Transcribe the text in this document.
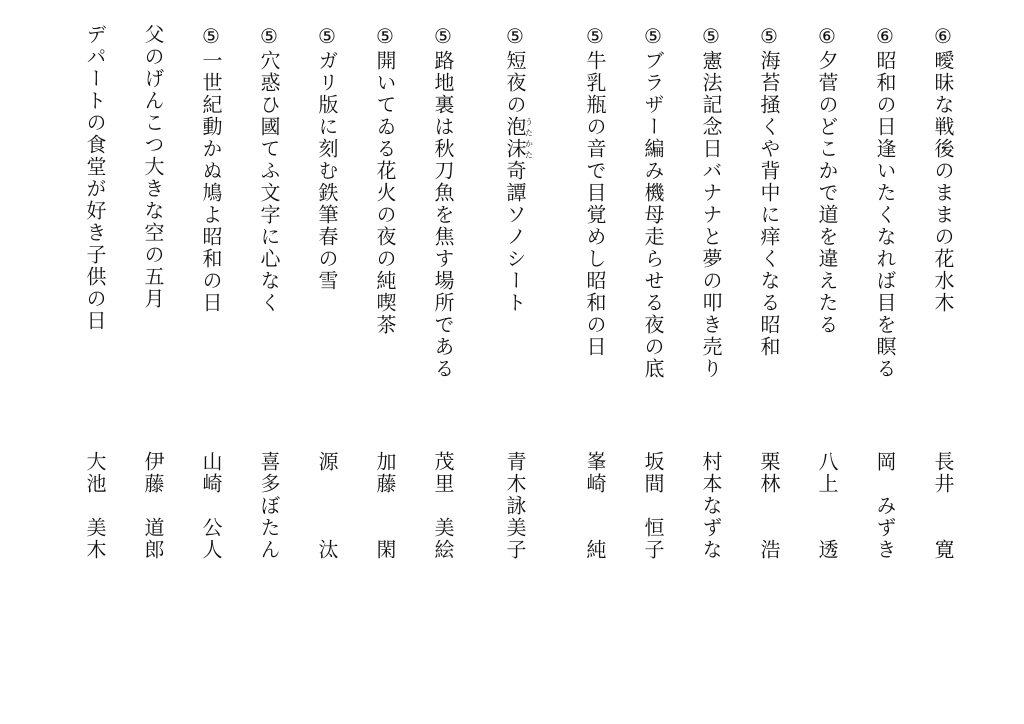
⑥曖昧な戦後のままの花水木
長井　　寛
⑥昭和の日逢いたくなれば目を瞑る
岡　みずき
⑥夕菅のどこかで道を違えたる
八上　　透
⑤海苔掻くや背中に痒くなる昭和
栗林　　浩
⑤憲法記念日バナナと夢の叩き売り
村本なずな
⑤ブラザー編み機母走らせる夜の底
坂間　恒子
⑤牛乳瓶の音で目覚めし昭和の日
峯崎　　純
⑤短夜の泡沫うたかた奇譚ソノシート
青木詠美子
⑤路地裏は秋刀魚を焦す場所である
茂里　美絵
⑤開いてゐる花火の夜の純喫茶
加藤　　閑
⑤ガリ版に刻む鉄筆春の雪
源　　　汰
⑤穴惑ひ國てふ文字に心なく
喜多ぼたん
⑤一世紀動かぬ鳩よ昭和の日
山崎　公人
父のげんこつ大きな空の五月
伊藤　道郎
デパートの食堂が好き子供の日
大池　美木
